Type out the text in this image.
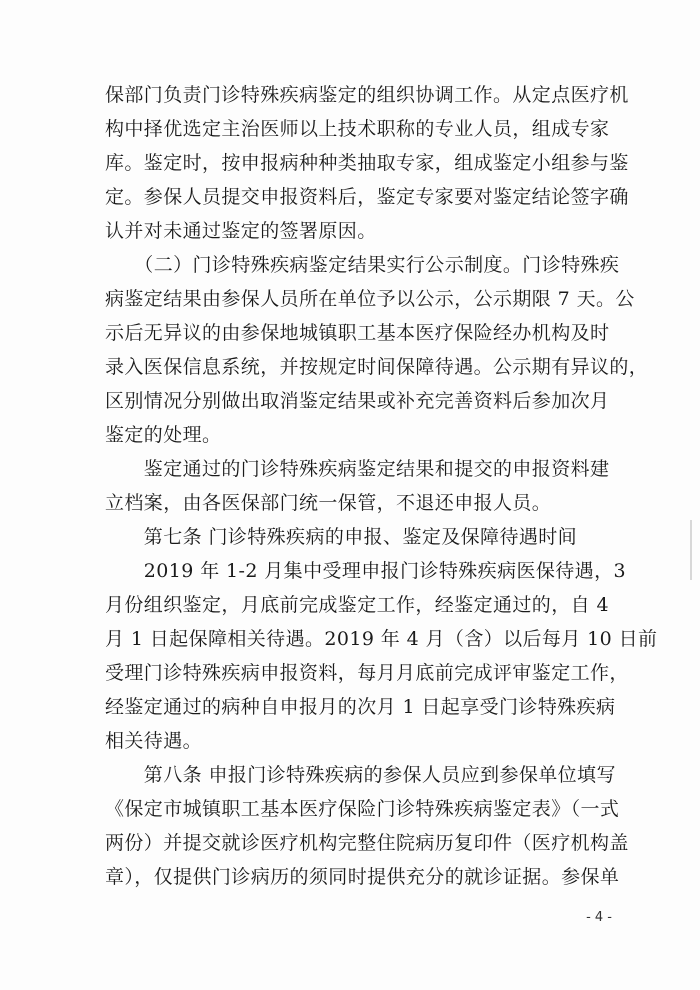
保部门负责门诊特殊疾病鉴定的组织协调工作。从定点医疗机
构中择优选定主治医师以上技术职称的专业人员，组成专家
库。鉴定时，按申报病种种类抽取专家，组成鉴定小组参与鉴
定。参保人员提交申报资料后，鉴定专家要对鉴定结论签字确
认并对未通过鉴定的签署原因。
　　（二）门诊特殊疾病鉴定结果实行公示制度。门诊特殊疾
病鉴定结果由参保人员所在单位予以公示，公示期限 7 天。公
示后无异议的由参保地城镇职工基本医疗保险经办机构及时
录入医保信息系统，并按规定时间保障待遇。公示期有异议的，
区别情况分别做出取消鉴定结果或补充完善资料后参加次月
鉴定的处理。
　　鉴定通过的门诊特殊疾病鉴定结果和提交的申报资料建
立档案，由各医保部门统一保管，不退还申报人员。
　　第七条 门诊特殊疾病的申报、鉴定及保障待遇时间
　　2019 年 1-2 月集中受理申报门诊特殊疾病医保待遇，3
月份组织鉴定，月底前完成鉴定工作，经鉴定通过的，自 4
月 1 日起保障相关待遇。2019 年 4 月（含）以后每月 10 日前
受理门诊特殊疾病申报资料，每月月底前完成评审鉴定工作，
经鉴定通过的病种自申报月的次月 1 日起享受门诊特殊疾病
相关待遇。
　　第八条 申报门诊特殊疾病的参保人员应到参保单位填写
《保定市城镇职工基本医疗保险门诊特殊疾病鉴定表》（一式
两份）并提交就诊医疗机构完整住院病历复印件（医疗机构盖
章），仅提供门诊病历的须同时提供充分的就诊证据。参保单
- 4 -
